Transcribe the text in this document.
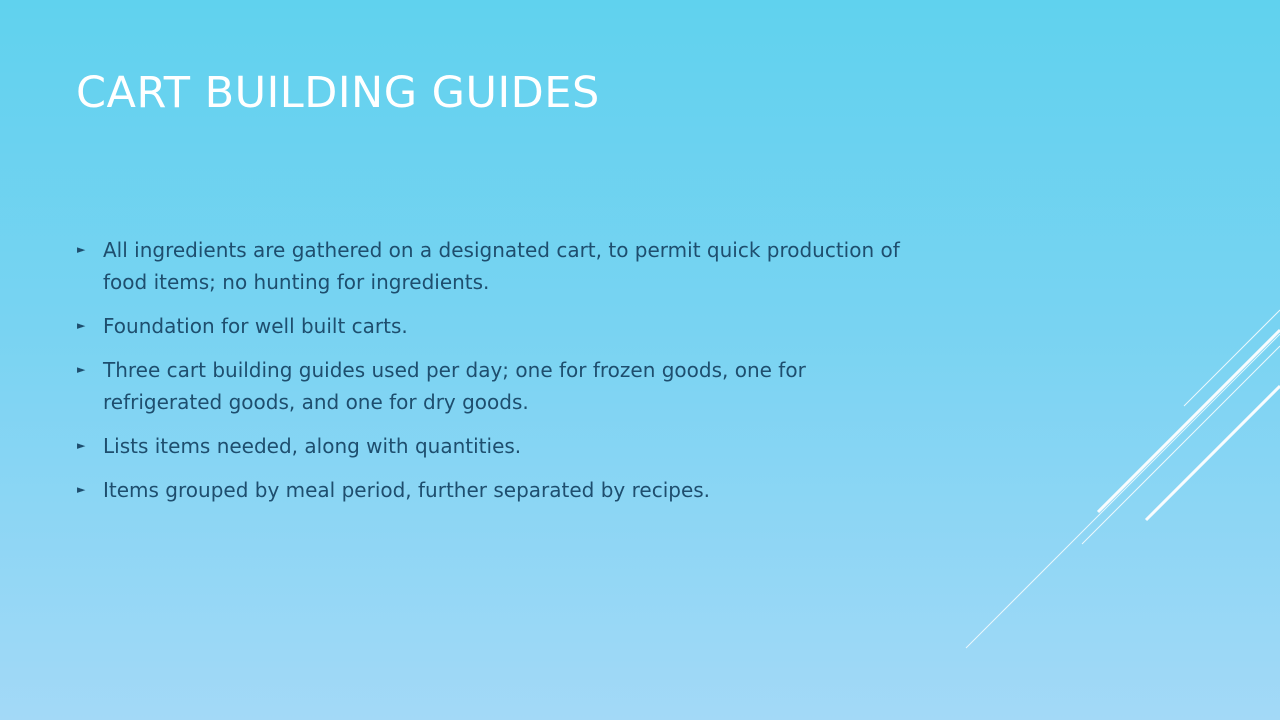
CART BUILDING GUIDES
► All ingredients are gathered on a designated cart, to permit quick production of food items; no hunting for ingredients.
► Foundation for well built carts.
► Three cart building guides used per day; one for frozen goods, one for refrigerated goods, and one for dry goods.
► Lists items needed, along with quantities.
► Items grouped by meal period, further separated by recipes.
